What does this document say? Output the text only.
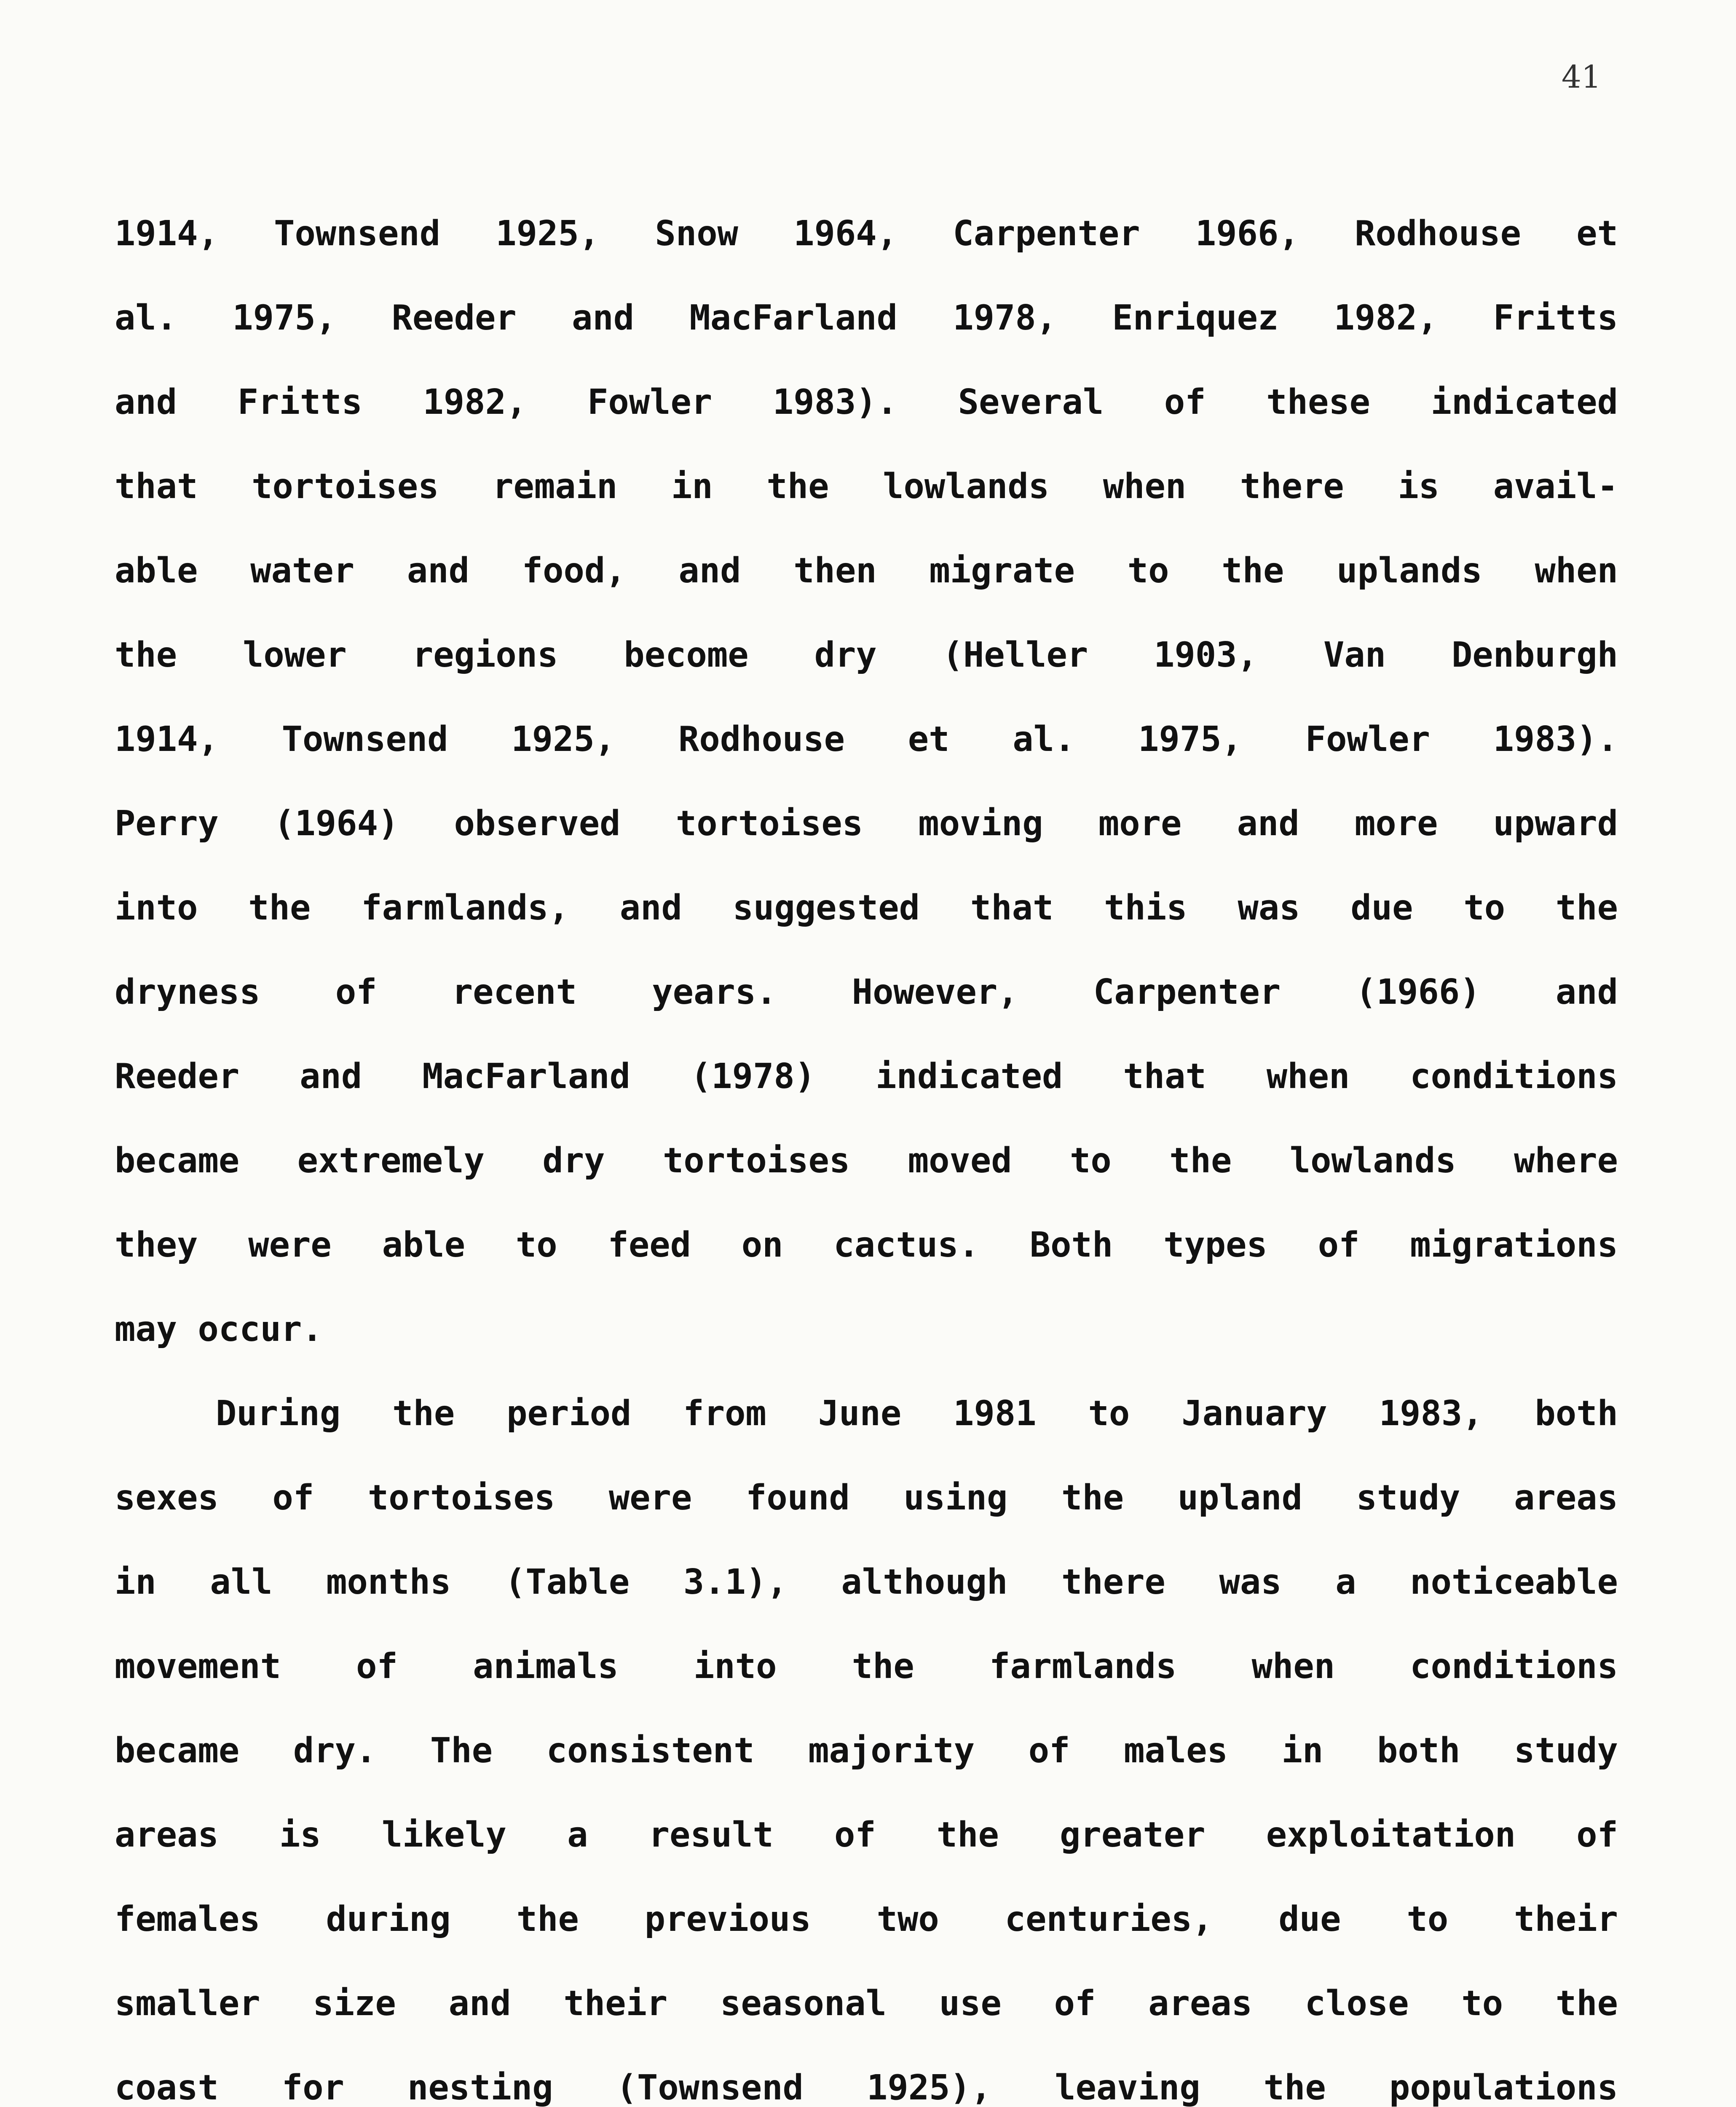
41
1914, Townsend 1925, Snow 1964, Carpenter 1966, Rodhouse et
al. 1975, Reeder and MacFarland 1978, Enriquez 1982, Fritts
and Fritts 1982, Fowler 1983). Several of these indicated
that tortoises remain in the lowlands when there is avail-
able water and food, and then migrate to the uplands when
the lower regions become dry (Heller 1903, Van Denburgh
1914, Townsend 1925, Rodhouse et al. 1975, Fowler 1983).
Perry (1964) observed tortoises moving more and more upward
into the farmlands, and suggested that this was due to the
dryness of recent years. However, Carpenter (1966) and
Reeder and MacFarland (1978) indicated that when conditions
became extremely dry tortoises moved to the lowlands where
they were able to feed on cactus. Both types of migrations
may occur.
During the period from June 1981 to January 1983, both
sexes of tortoises were found using the upland study areas
in all months (Table 3.1), although there was a noticeable
movement of animals into the farmlands when conditions
became dry. The consistent majority of males in both study
areas is likely a result of the greater exploitation of
females during the previous two centuries, due to their
smaller size and their seasonal use of areas close to the
coast for nesting (Townsend 1925), leaving the populations
